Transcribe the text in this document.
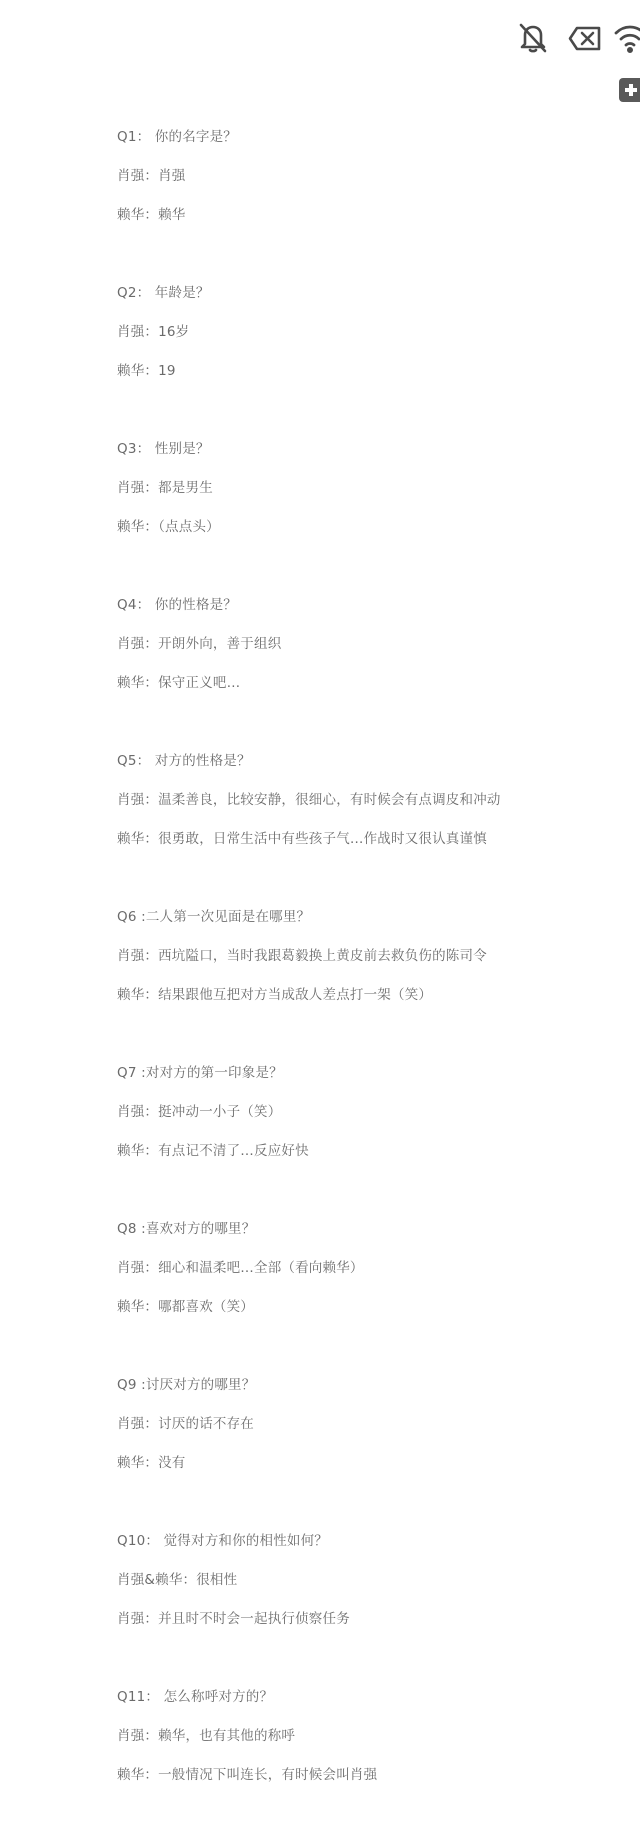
Q1： 你的名字是？
肖强：肖强
赖华：赖华
Q2： 年龄是？
肖强：16岁
赖华：19
Q3： 性别是？
肖强：都是男生
赖华：（点点头）
Q4： 你的性格是？
肖强：开朗外向，善于组织
赖华：保守正义吧…
Q5： 对方的性格是？
肖强：温柔善良，比较安静，很细心，有时候会有点调皮和冲动
赖华：很勇敢，日常生活中有些孩子气…作战时又很认真谨慎
Q6 :二人第一次见面是在哪里？
肖强：西坑隘口，当时我跟葛毅换上黄皮前去救负伤的陈司令
赖华：结果跟他互把对方当成敌人差点打一架（笑）
Q7 :对对方的第一印象是？
肖强：挺冲动一小子（笑）
赖华：有点记不清了…反应好快
Q8 :喜欢对方的哪里？
肖强：细心和温柔吧…全部（看向赖华）
赖华：哪都喜欢（笑）
Q9 :讨厌对方的哪里？
肖强：讨厌的话不存在
赖华：没有
Q10： 觉得对方和你的相性如何？
肖强&赖华：很相性
肖强：并且时不时会一起执行侦察任务
Q11： 怎么称呼对方的？
肖强：赖华，也有其他的称呼
赖华：一般情况下叫连长，有时候会叫肖强
